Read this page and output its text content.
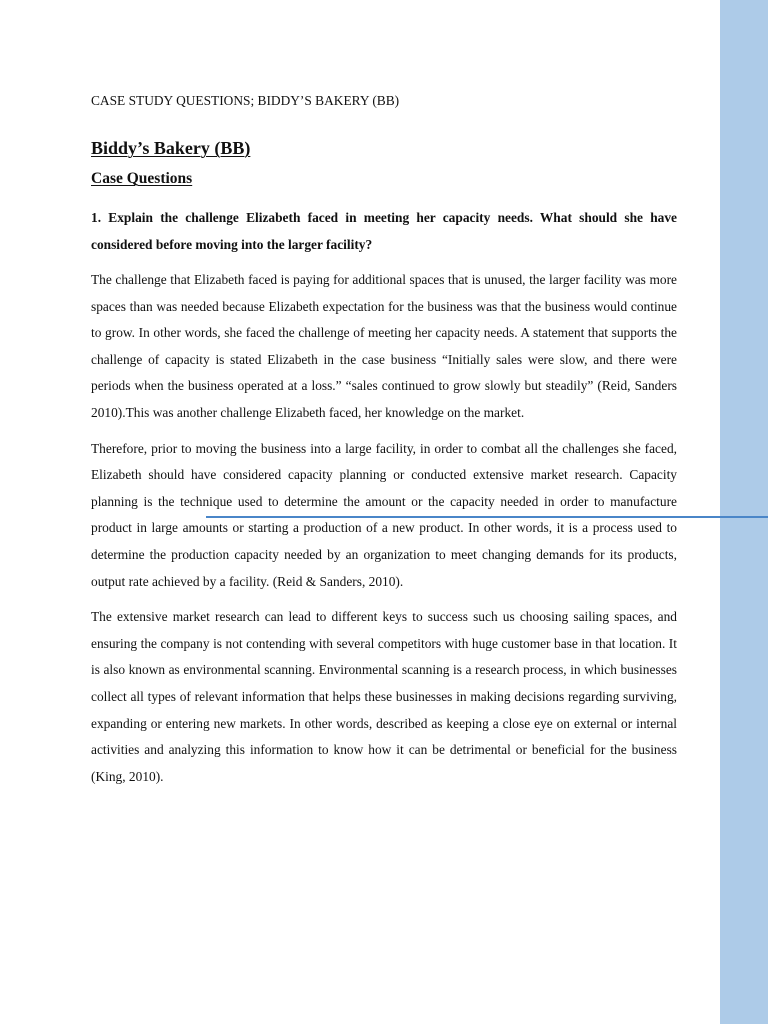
CASE STUDY QUESTIONS; BIDDY’S BAKERY (BB)

Biddy’s Bakery (BB)
Case Questions

1. Explain the challenge Elizabeth faced in meeting her capacity needs. What should she have considered before moving into the larger facility?

The challenge that Elizabeth faced is paying for additional spaces that is unused, the larger facility was more spaces than was needed because Elizabeth expectation for the business was that the business would continue to grow. In other words, she faced the challenge of meeting her capacity needs. A statement that supports the challenge of capacity is stated Elizabeth in the case business “Initially sales were slow, and there were periods when the business operated at a loss.” “sales continued to grow slowly but steadily” (Reid, Sanders 2010).This was another challenge Elizabeth faced, her knowledge on the market.

Therefore, prior to moving the business into a large facility, in order to combat all the challenges she faced, Elizabeth should have considered capacity planning or conducted extensive market research. Capacity planning is the technique used to determine the amount or the capacity needed in order to manufacture product in large amounts or starting a production of a new product. In other words, it is a process used to determine the production capacity needed by an organization to meet changing demands for its products, output rate achieved by a facility. (Reid & Sanders, 2010).

The extensive market research can lead to different keys to success such us choosing sailing spaces, and ensuring the company is not contending with several competitors with huge customer base in that location. It is also known as environmental scanning. Environmental scanning is a research process, in which businesses collect all types of relevant information that helps these businesses in making decisions regarding surviving, expanding or entering new markets. In other words, described as keeping a close eye on external or internal activities and analyzing this information to know how it can be detrimental or beneficial for the business (King, 2010).
